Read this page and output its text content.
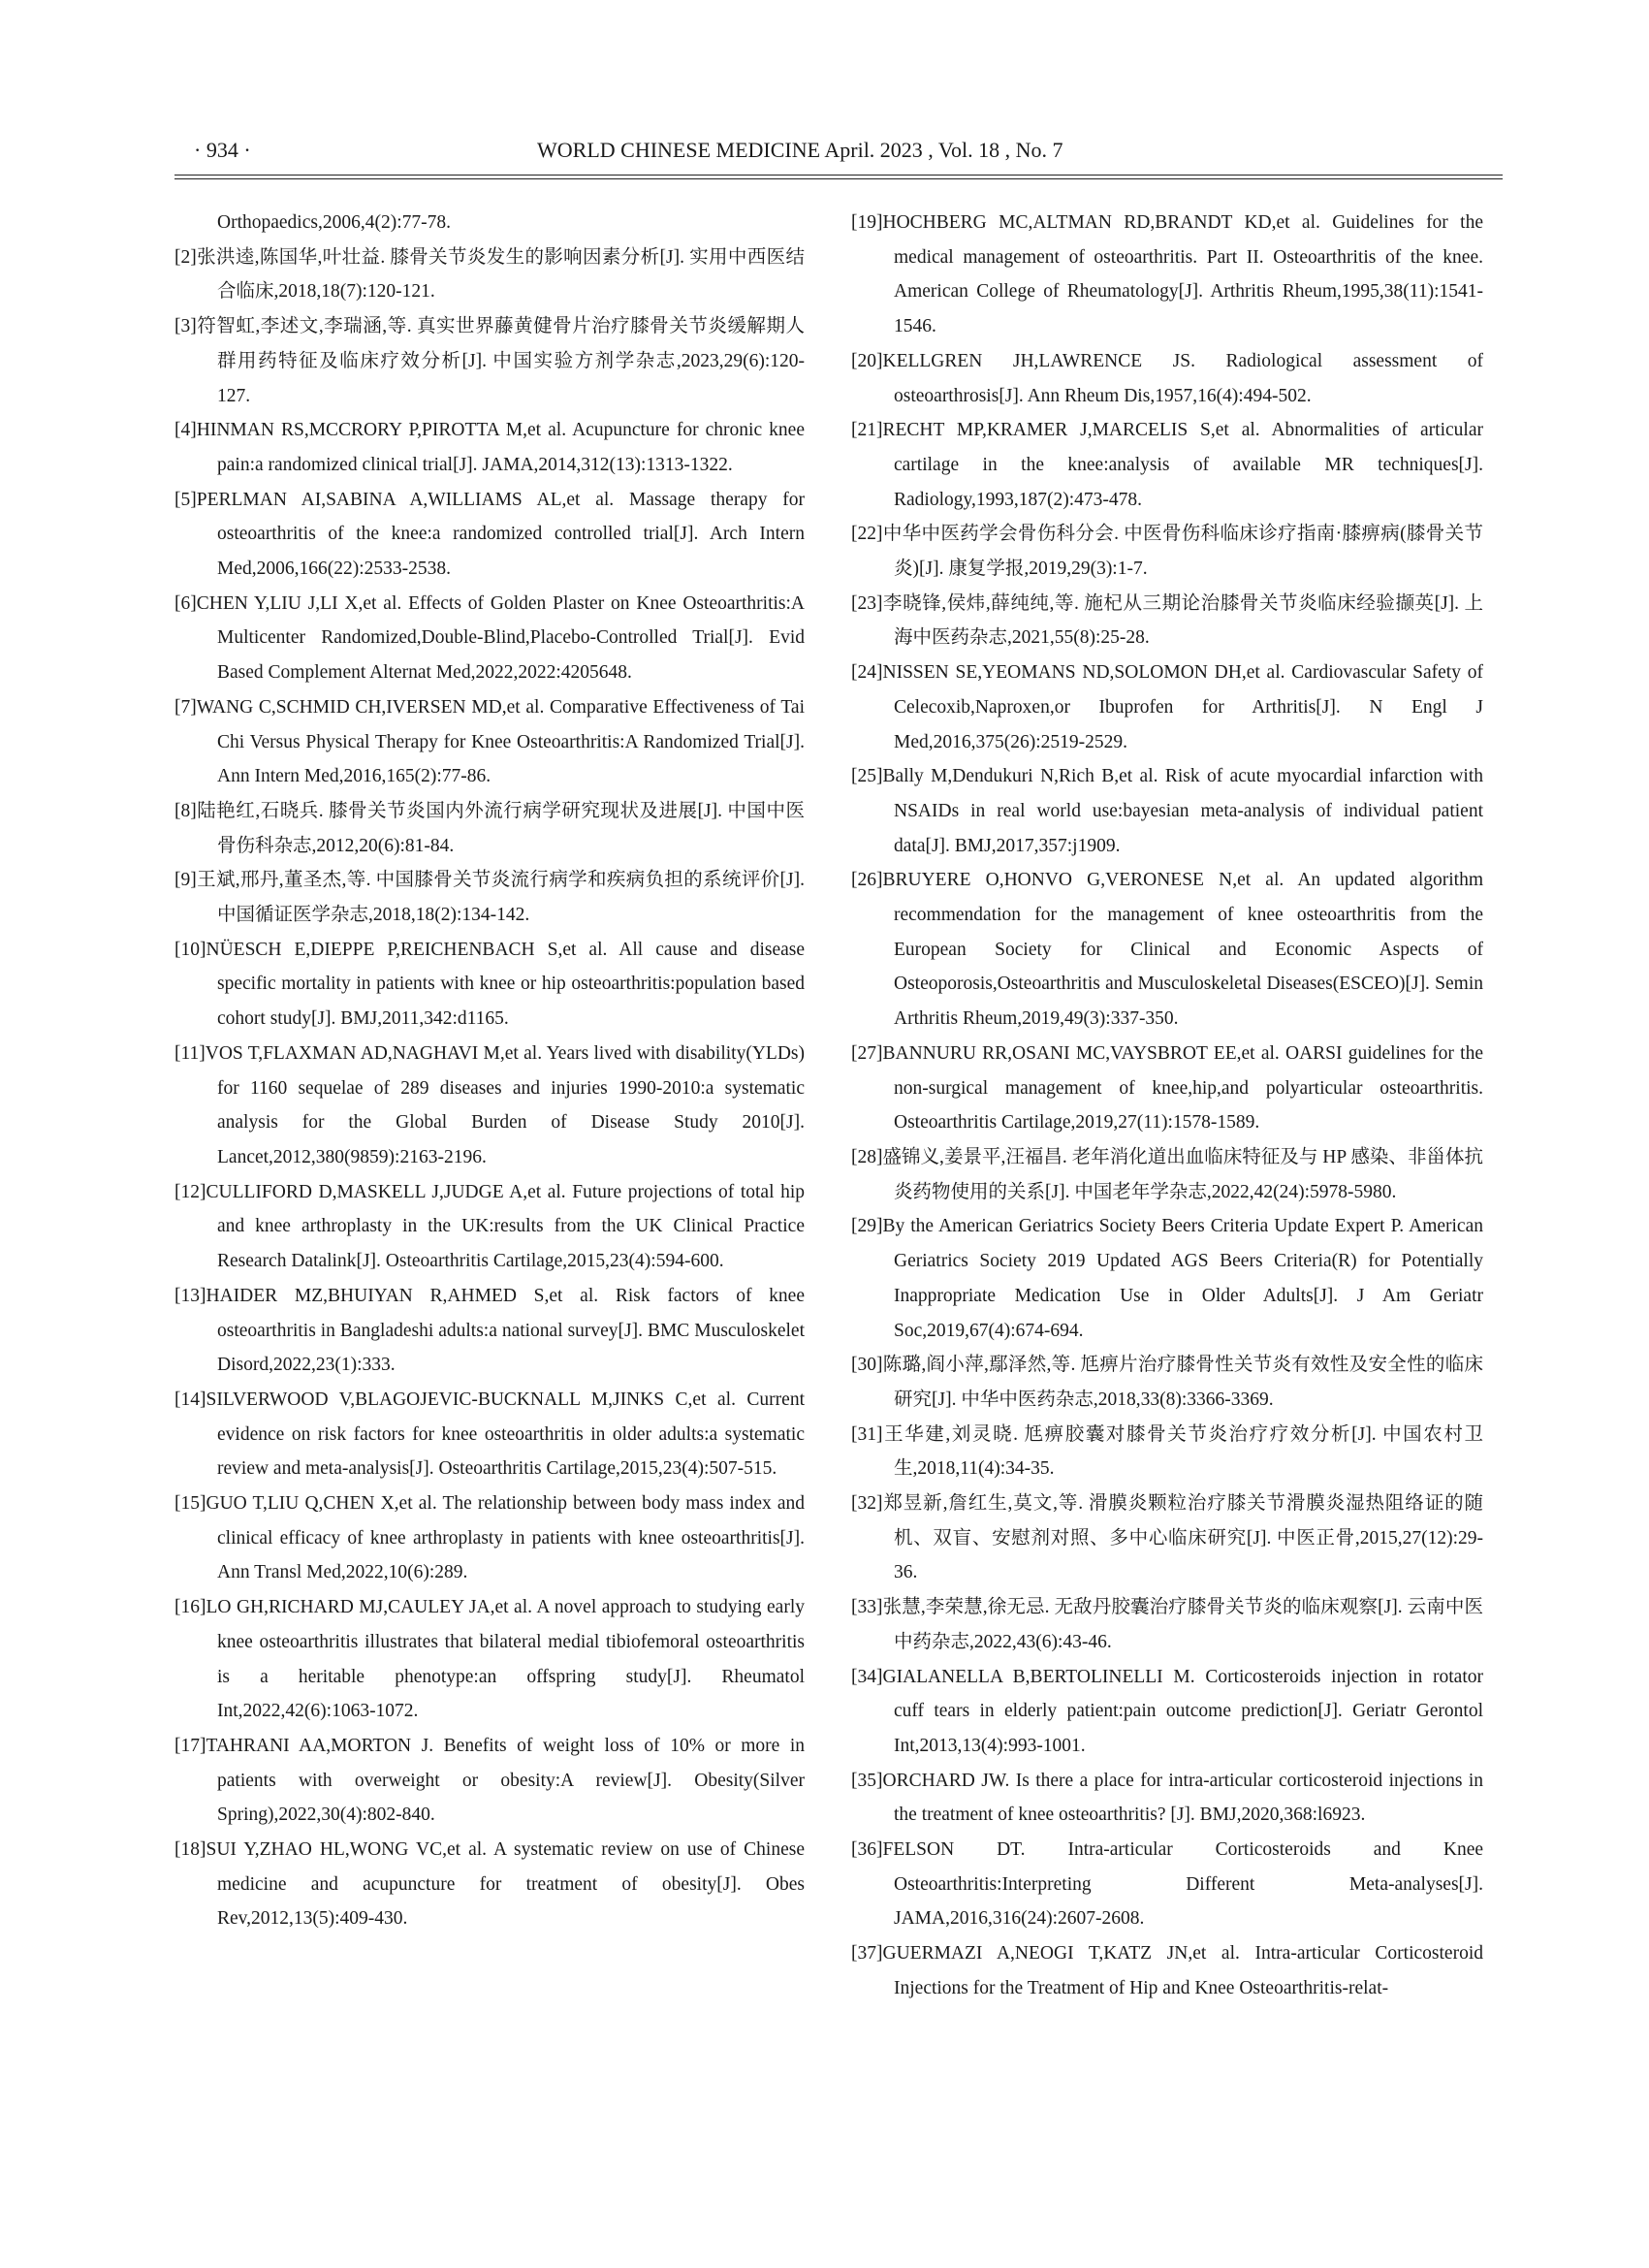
· 934 ·	WORLD CHINESE MEDICINE April. 2023 , Vol. 18 , No. 7
Orthopaedics,2006,4(2):77-78.
[2]张洪逵,陈国华,叶壮益. 膝骨关节炎发生的影响因素分析[J]. 实用中西医结合临床,2018,18(7):120-121.
[3]符智虹,李述文,李瑞涵,等. 真实世界藤黄健骨片治疗膝骨关节炎缓解期人群用药特征及临床疗效分析[J]. 中国实验方剂学杂志,2023,29(6):120-127.
[4]HINMAN RS,MCCRORY P,PIROTTA M,et al. Acupuncture for chronic knee pain:a randomized clinical trial[J]. JAMA,2014,312(13):1313-1322.
[5]PERLMAN AI,SABINA A,WILLIAMS AL,et al. Massage therapy for osteoarthritis of the knee:a randomized controlled trial[J]. Arch Intern Med,2006,166(22):2533-2538.
[6]CHEN Y,LIU J,LI X,et al. Effects of Golden Plaster on Knee Osteoarthritis:A Multicenter Randomized,Double-Blind,Placebo-Controlled Trial[J]. Evid Based Complement Alternat Med,2022,2022:4205648.
[7]WANG C,SCHMID CH,IVERSEN MD,et al. Comparative Effectiveness of Tai Chi Versus Physical Therapy for Knee Osteoarthritis:A Randomized Trial[J]. Ann Intern Med,2016,165(2):77-86.
[8]陆艳红,石晓兵. 膝骨关节炎国内外流行病学研究现状及进展[J]. 中国中医骨伤科杂志,2012,20(6):81-84.
[9]王斌,邢丹,董圣杰,等. 中国膝骨关节炎流行病学和疾病负担的系统评价[J]. 中国循证医学杂志,2018,18(2):134-142.
[10]NÜESCH E,DIEPPE P,REICHENBACH S,et al. All cause and disease specific mortality in patients with knee or hip osteoarthritis:population based cohort study[J]. BMJ,2011,342:d1165.
[11]VOS T,FLAXMAN AD,NAGHAVI M,et al. Years lived with disability(YLDs) for 1160 sequelae of 289 diseases and injuries 1990-2010:a systematic analysis for the Global Burden of Disease Study 2010[J]. Lancet,2012,380(9859):2163-2196.
[12]CULLIFORD D,MASKELL J,JUDGE A,et al. Future projections of total hip and knee arthroplasty in the UK:results from the UK Clinical Practice Research Datalink[J]. Osteoarthritis Cartilage,2015,23(4):594-600.
[13]HAIDER MZ,BHUIYAN R,AHMED S,et al. Risk factors of knee osteoarthritis in Bangladeshi adults:a national survey[J]. BMC Musculoskelet Disord,2022,23(1):333.
[14]SILVERWOOD V,BLAGOJEVIC-BUCKNALL M,JINKS C,et al. Current evidence on risk factors for knee osteoarthritis in older adults:a systematic review and meta-analysis[J]. Osteoarthritis Cartilage,2015,23(4):507-515.
[15]GUO T,LIU Q,CHEN X,et al. The relationship between body mass index and clinical efficacy of knee arthroplasty in patients with knee osteoarthritis[J]. Ann Transl Med,2022,10(6):289.
[16]LO GH,RICHARD MJ,CAULEY JA,et al. A novel approach to studying early knee osteoarthritis illustrates that bilateral medial tibiofemoral osteoarthritis is a heritable phenotype:an offspring study[J]. Rheumatol Int,2022,42(6):1063-1072.
[17]TAHRANI AA,MORTON J. Benefits of weight loss of 10% or more in patients with overweight or obesity:A review[J]. Obesity(Silver Spring),2022,30(4):802-840.
[18]SUI Y,ZHAO HL,WONG VC,et al. A systematic review on use of Chinese medicine and acupuncture for treatment of obesity[J]. Obes Rev,2012,13(5):409-430.
[19]HOCHBERG MC,ALTMAN RD,BRANDT KD,et al. Guidelines for the medical management of osteoarthritis. Part II. Osteoarthritis of the knee. American College of Rheumatology[J]. Arthritis Rheum,1995,38(11):1541-1546.
[20]KELLGREN JH,LAWRENCE JS. Radiological assessment of osteoarthrosis[J]. Ann Rheum Dis,1957,16(4):494-502.
[21]RECHT MP,KRAMER J,MARCELIS S,et al. Abnormalities of articular cartilage in the knee:analysis of available MR techniques[J]. Radiology,1993,187(2):473-478.
[22]中华中医药学会骨伤科分会. 中医骨伤科临床诊疗指南·膝痹病(膝骨关节炎)[J]. 康复学报,2019,29(3):1-7.
[23]李晓锋,侯炜,薛纯纯,等. 施杞从三期论治膝骨关节炎临床经验撷英[J]. 上海中医药杂志,2021,55(8):25-28.
[24]NISSEN SE,YEOMANS ND,SOLOMON DH,et al. Cardiovascular Safety of Celecoxib,Naproxen,or Ibuprofen for Arthritis[J]. N Engl J Med,2016,375(26):2519-2529.
[25]Bally M,Dendukuri N,Rich B,et al. Risk of acute myocardial infarction with NSAIDs in real world use:bayesian meta-analysis of individual patient data[J]. BMJ,2017,357:j1909.
[26]BRUYERE O,HONVO G,VERONESE N,et al. An updated algorithm recommendation for the management of knee osteoarthritis from the European Society for Clinical and Economic Aspects of Osteoporosis,Osteoarthritis and Musculoskeletal Diseases(ESCEO)[J]. Semin Arthritis Rheum,2019,49(3):337-350.
[27]BANNURU RR,OSANI MC,VAYSBROT EE,et al. OARSI guidelines for the non-surgical management of knee,hip,and polyarticular osteoarthritis. Osteoarthritis Cartilage,2019,27(11):1578-1589.
[28]盛锦义,姜景平,汪福昌. 老年消化道出血临床特征及与 HP 感染、非甾体抗炎药物使用的关系[J]. 中国老年学杂志,2022,42(24):5978-5980.
[29]By the American Geriatrics Society Beers Criteria Update Expert P. American Geriatrics Society 2019 Updated AGS Beers Criteria(R) for Potentially Inappropriate Medication Use in Older Adults[J]. J Am Geriatr Soc,2019,67(4):674-694.
[30]陈璐,阎小萍,鄢泽然,等. 尪痹片治疗膝骨性关节炎有效性及安全性的临床研究[J]. 中华中医药杂志,2018,33(8):3366-3369.
[31]王华建,刘灵晓. 尪痹胶囊对膝骨关节炎治疗疗效分析[J]. 中国农村卫生,2018,11(4):34-35.
[32]郑昱新,詹红生,莫文,等. 滑膜炎颗粒治疗膝关节滑膜炎湿热阻络证的随机、双盲、安慰剂对照、多中心临床研究[J]. 中医正骨,2015,27(12):29-36.
[33]张慧,李荣慧,徐无忌. 无敌丹胶囊治疗膝骨关节炎的临床观察[J]. 云南中医中药杂志,2022,43(6):43-46.
[34]GIALANELLA B,BERTOLINELLI M. Corticosteroids injection in rotator cuff tears in elderly patient:pain outcome prediction[J]. Geriatr Gerontol Int,2013,13(4):993-1001.
[35]ORCHARD JW. Is there a place for intra-articular corticosteroid injections in the treatment of knee osteoarthritis? [J]. BMJ,2020,368:l6923.
[36]FELSON DT. Intra-articular Corticosteroids and Knee Osteoarthritis:Interpreting Different Meta-analyses[J]. JAMA,2016,316(24):2607-2608.
[37]GUERMAZI A,NEOGI T,KATZ JN,et al. Intra-articular Corticosteroid Injections for the Treatment of Hip and Knee Osteoarthritis-relat-
